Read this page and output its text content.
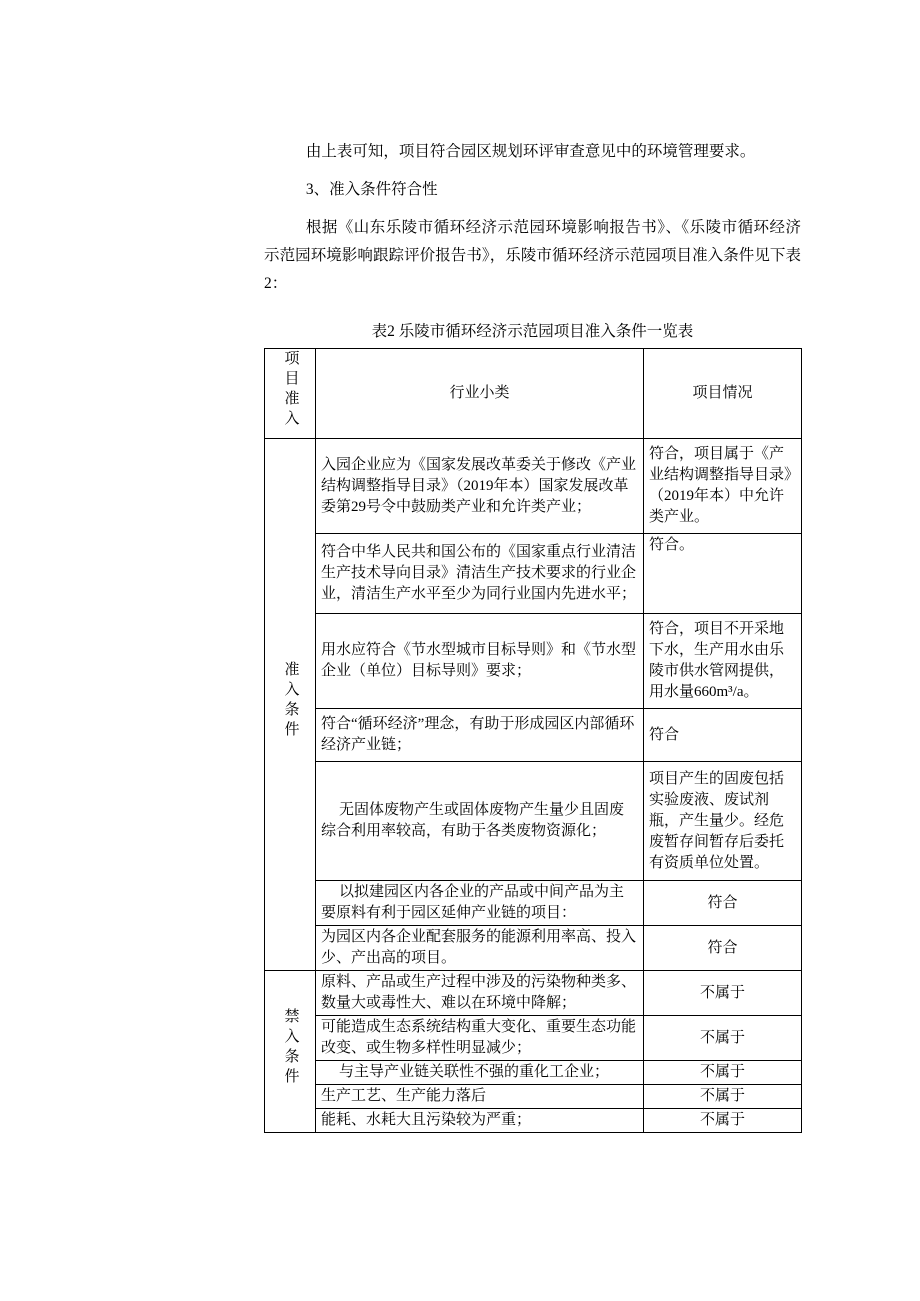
由上表可知，项目符合园区规划环评审查意见中的环境管理要求。

3、准入条件符合性

根据《山东乐陵市循环经济示范园环境影响报告书》、《乐陵市循环经济示范园环境影响跟踪评价报告书》，乐陵市循环经济示范园项目准入条件见下表2：

表2 乐陵市循环经济示范园项目准入条件一览表

项目准入	行业小类	项目情况
准入条件	入园企业应为《国家发展改革委关于修改《产业结构调整指导目录》（2019年本）国家发展改革委第29号令中鼓励类产业和允许类产业；	符合，项目属于《产业结构调整指导目录》（2019年本）中允许类产业。
	符合中华人民共和国公布的《国家重点行业清洁生产技术导向目录》清洁生产技术要求的行业企业，清洁生产水平至少为同行业国内先进水平；	符合。
	用水应符合《节水型城市目标导则》和《节水型企业（单位）目标导则》要求；	符合，项目不开采地下水，生产用水由乐陵市供水管网提供，用水量660m³/a。
	符合“循环经济”理念，有助于形成园区内部循环经济产业链；	符合
	无固体废物产生或固体废物产生量少且固废综合利用率较高，有助于各类废物资源化；	项目产生的固废包括实验废液、废试剂瓶，产生量少。经危废暂存间暂存后委托有资质单位处置。
	以拟建园区内各企业的产品或中间产品为主要原料有利于园区延伸产业链的项目：	符合
	为园区内各企业配套服务的能源利用率高、投入少、产出高的项目。	符合
禁入条件	原料、产品或生产过程中涉及的污染物种类多、数量大或毒性大、难以在环境中降解；	不属于
	可能造成生态系统结构重大变化、重要生态功能改变、或生物多样性明显减少；	不属于
	与主导产业链关联性不强的重化工企业；	不属于
	生产工艺、生产能力落后	不属于
	能耗、水耗大且污染较为严重；	不属于
